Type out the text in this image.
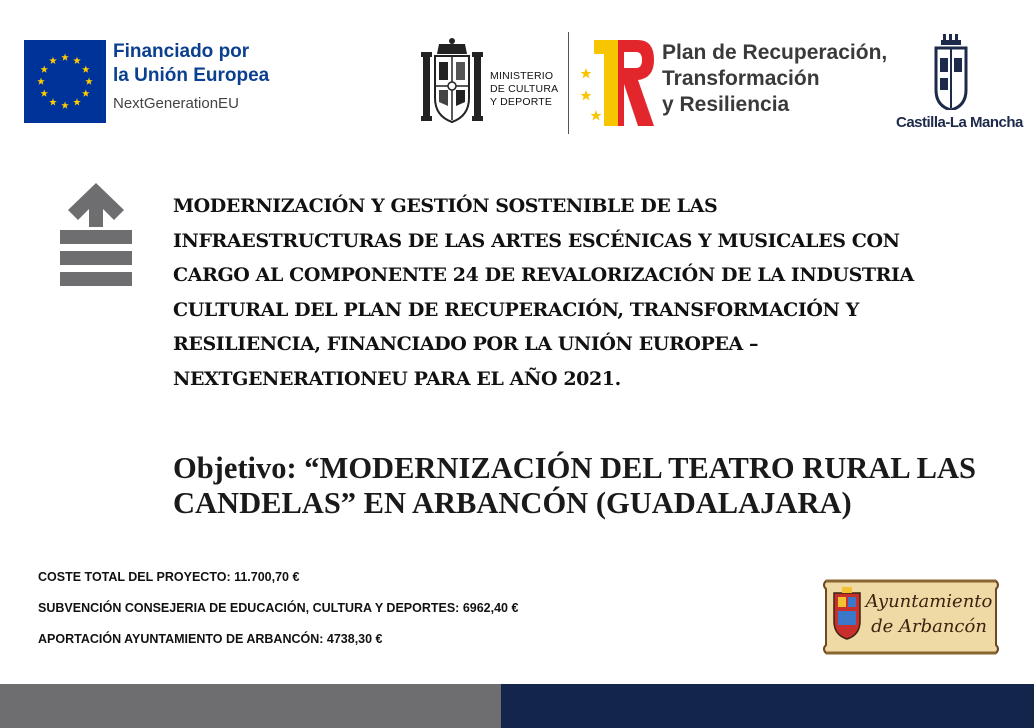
Financiado por
la Unión Europea
NextGenerationEU
MINISTERIO
DE CULTURA
Y DEPORTE
Plan de Recuperación,
Transformación
y Resiliencia
Castilla-La Mancha
MODERNIZACIÓN Y GESTIÓN SOSTENIBLE DE LAS
INFRAESTRUCTURAS DE LAS ARTES ESCÉNICAS Y MUSICALES CON
CARGO AL COMPONENTE 24 DE REVALORIZACIÓN DE LA INDUSTRIA
CULTURAL DEL PLAN DE RECUPERACIÓN, TRANSFORMACIÓN Y
RESILIENCIA, FINANCIADO POR LA UNIÓN EUROPEA –
NEXTGENERATIONEU PARA EL AÑO 2021.
Objetivo: “MODERNIZACIÓN DEL TEATRO RURAL LAS
CANDELAS” EN ARBANCÓN (GUADALAJARA)
COSTE TOTAL DEL PROYECTO: 11.700,70 €
SUBVENCIÓN CONSEJERIA DE EDUCACIÓN, CULTURA Y DEPORTES: 6962,40 €
APORTACIÓN AYUNTAMIENTO DE ARBANCÓN: 4738,30 €
Ayuntamiento
de Arbancón
